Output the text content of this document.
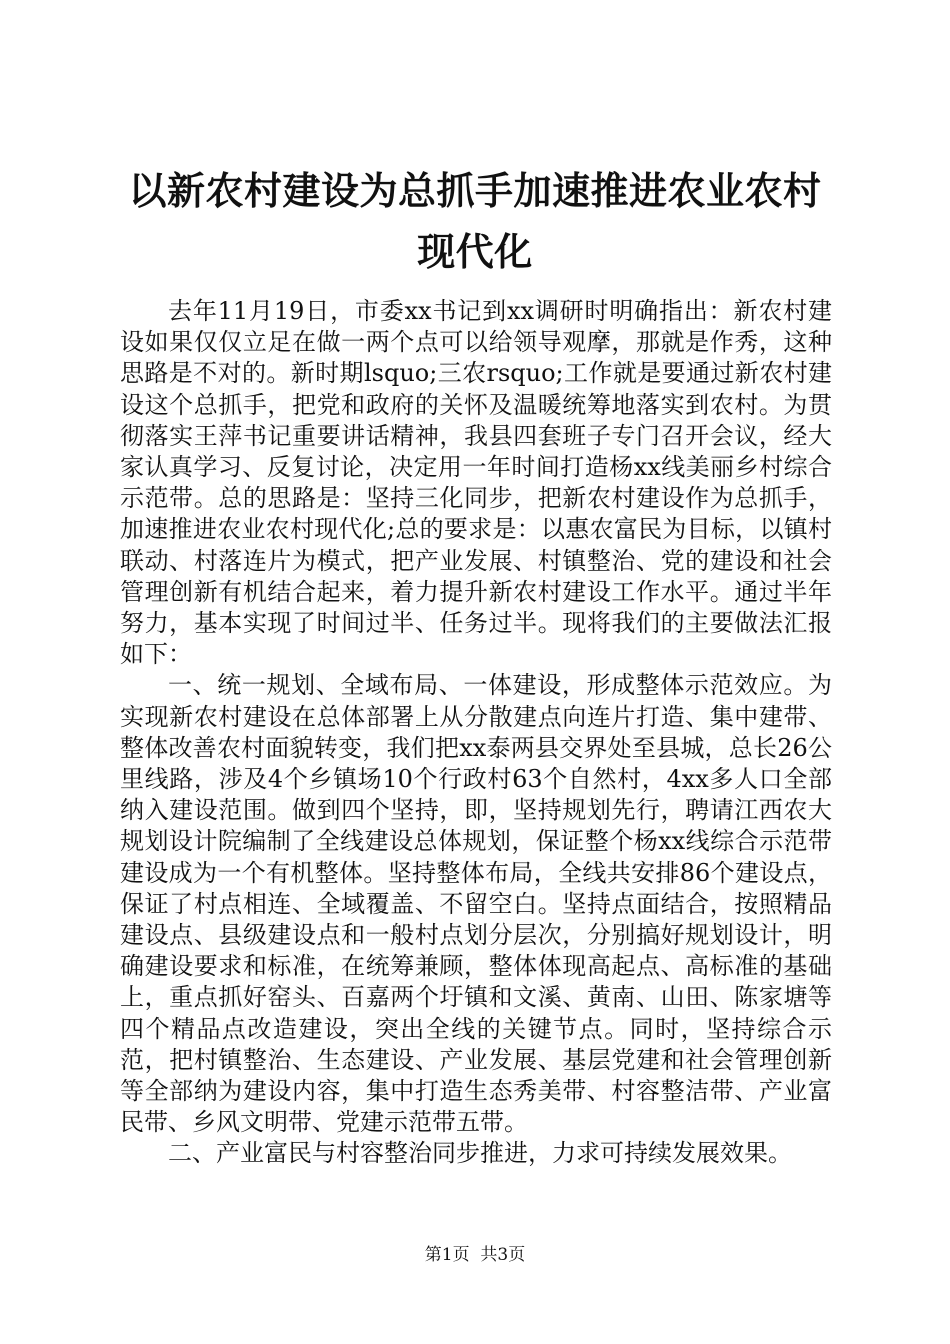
以新农村建设为总抓手加速推进农业农村现代化

去年11月19日，市委xx书记到xx调研时明确指出：新农村建设如果仅仅立足在做一两个点可以给领导观摩，那就是作秀，这种思路是不对的。新时期lsquo;三农rsquo;工作就是要通过新农村建设这个总抓手，把党和政府的关怀及温暖统筹地落实到农村。为贯彻落实王萍书记重要讲话精神，我县四套班子专门召开会议，经大家认真学习、反复讨论，决定用一年时间打造杨xx线美丽乡村综合示范带。总的思路是：坚持三化同步，把新农村建设作为总抓手，加速推进农业农村现代化;总的要求是：以惠农富民为目标，以镇村联动、村落连片为模式，把产业发展、村镇整治、党的建设和社会管理创新有机结合起来，着力提升新农村建设工作水平。通过半年努力，基本实现了时间过半、任务过半。现将我们的主要做法汇报如下：

一、统一规划、全域布局、一体建设，形成整体示范效应。为实现新农村建设在总体部署上从分散建点向连片打造、集中建带、整体改善农村面貌转变，我们把xx泰两县交界处至县城，总长26公里线路，涉及4个乡镇场10个行政村63个自然村，4xx多人口全部纳入建设范围。做到四个坚持，即，坚持规划先行，聘请江西农大规划设计院编制了全线建设总体规划，保证整个杨xx线综合示范带建设成为一个有机整体。坚持整体布局，全线共安排86个建设点，保证了村点相连、全域覆盖、不留空白。坚持点面结合，按照精品建设点、县级建设点和一般村点划分层次，分别搞好规划设计，明确建设要求和标准，在统筹兼顾，整体体现高起点、高标准的基础上，重点抓好窑头、百嘉两个圩镇和文溪、黄南、山田、陈家塘等四个精品点改造建设，突出全线的关键节点。同时，坚持综合示范，把村镇整治、生态建设、产业发展、基层党建和社会管理创新等全部纳为建设内容，集中打造生态秀美带、村容整洁带、产业富民带、乡风文明带、党建示范带五带。

二、产业富民与村容整治同步推进，力求可持续发展效果。

第1页 共3页
